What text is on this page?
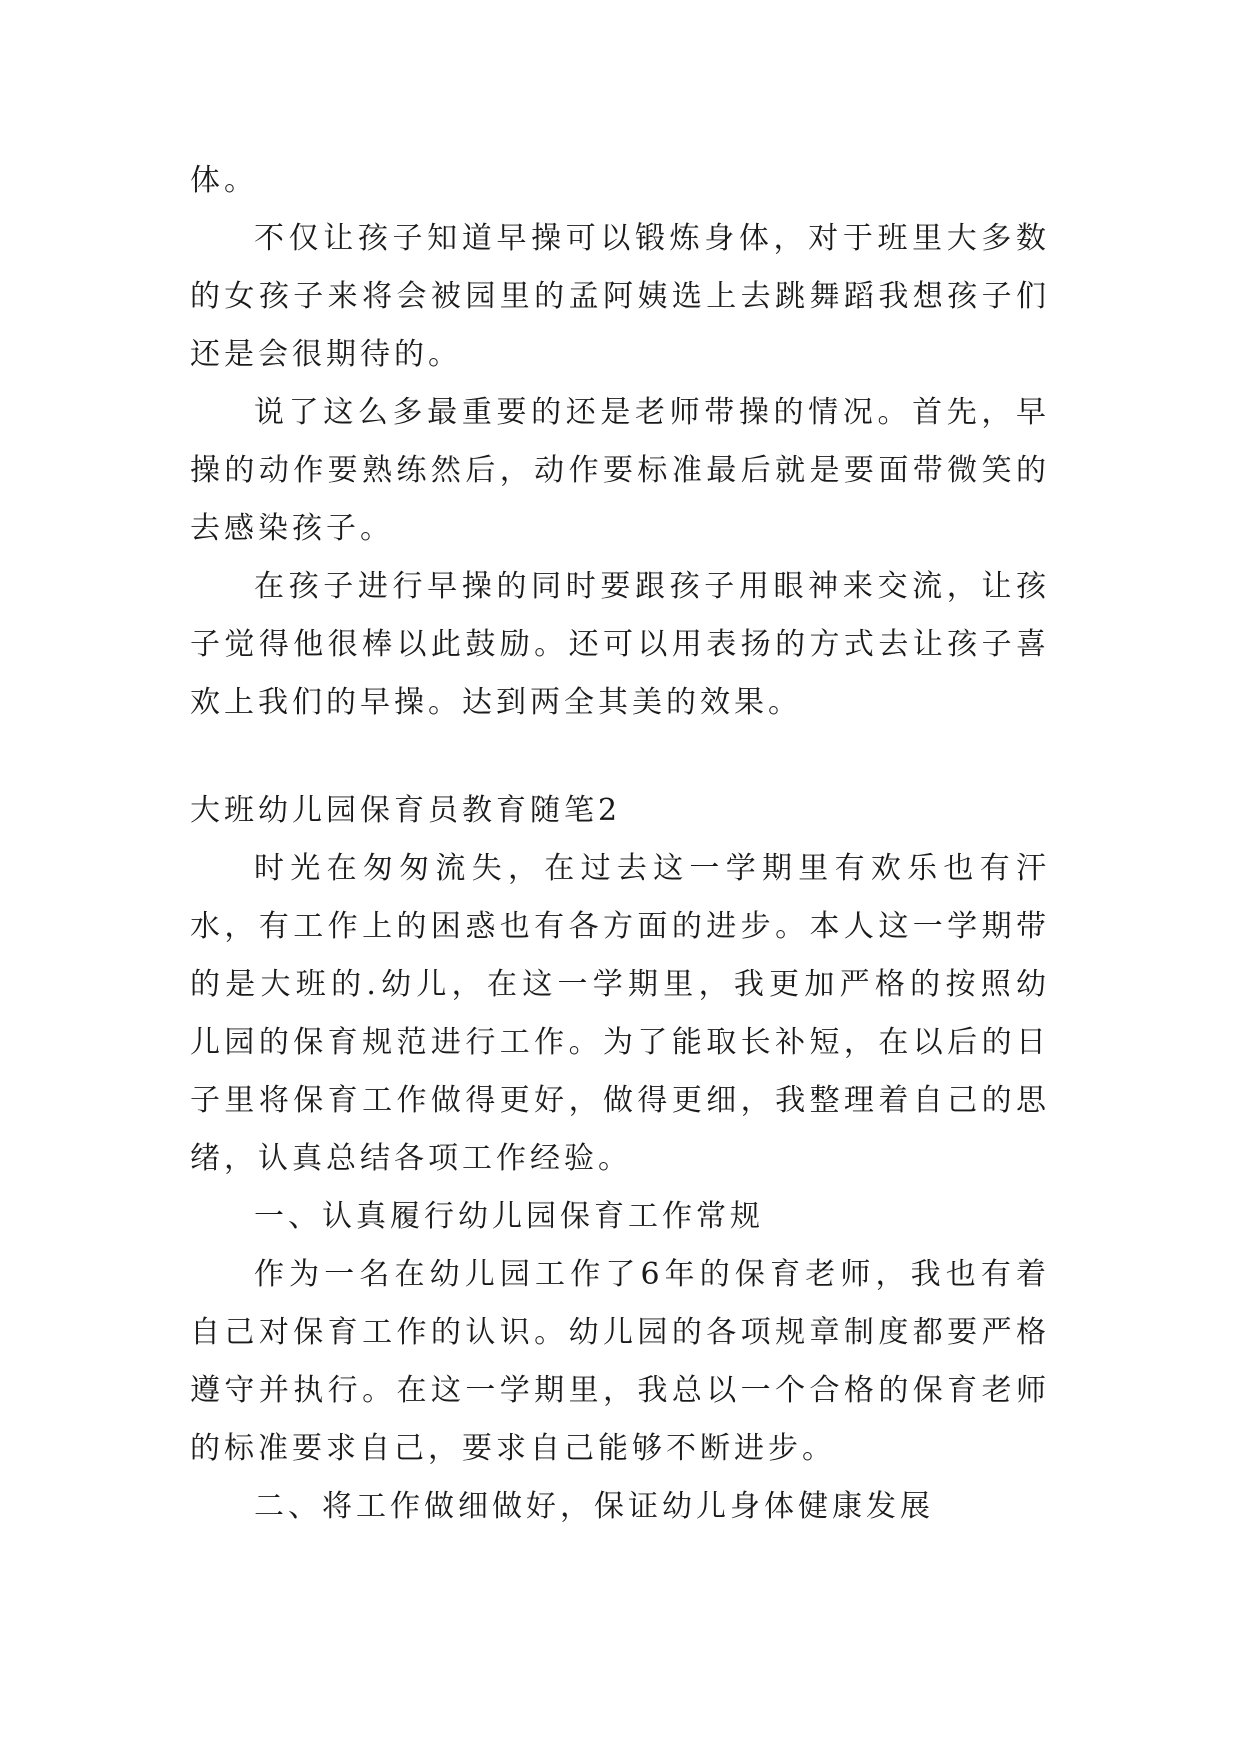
体。

不仅让孩子知道早操可以锻炼身体，对于班里大多数的女孩子来将会被园里的孟阿姨选上去跳舞蹈我想孩子们还是会很期待的。

说了这么多最重要的还是老师带操的情况。首先，早操的动作要熟练然后，动作要标准最后就是要面带微笑的去感染孩子。

在孩子进行早操的同时要跟孩子用眼神来交流，让孩子觉得他很棒以此鼓励。还可以用表扬的方式去让孩子喜欢上我们的早操。达到两全其美的效果。

大班幼儿园保育员教育随笔2

时光在匆匆流失，在过去这一学期里有欢乐也有汗水，有工作上的困惑也有各方面的进步。本人这一学期带的是大班的.幼儿，在这一学期里，我更加严格的按照幼儿园的保育规范进行工作。为了能取长补短，在以后的日子里将保育工作做得更好，做得更细，我整理着自己的思绪，认真总结各项工作经验。

一、认真履行幼儿园保育工作常规

作为一名在幼儿园工作了6年的保育老师，我也有着自己对保育工作的认识。幼儿园的各项规章制度都要严格遵守并执行。在这一学期里，我总以一个合格的保育老师的标准要求自己，要求自己能够不断进步。

二、将工作做细做好，保证幼儿身体健康发展
